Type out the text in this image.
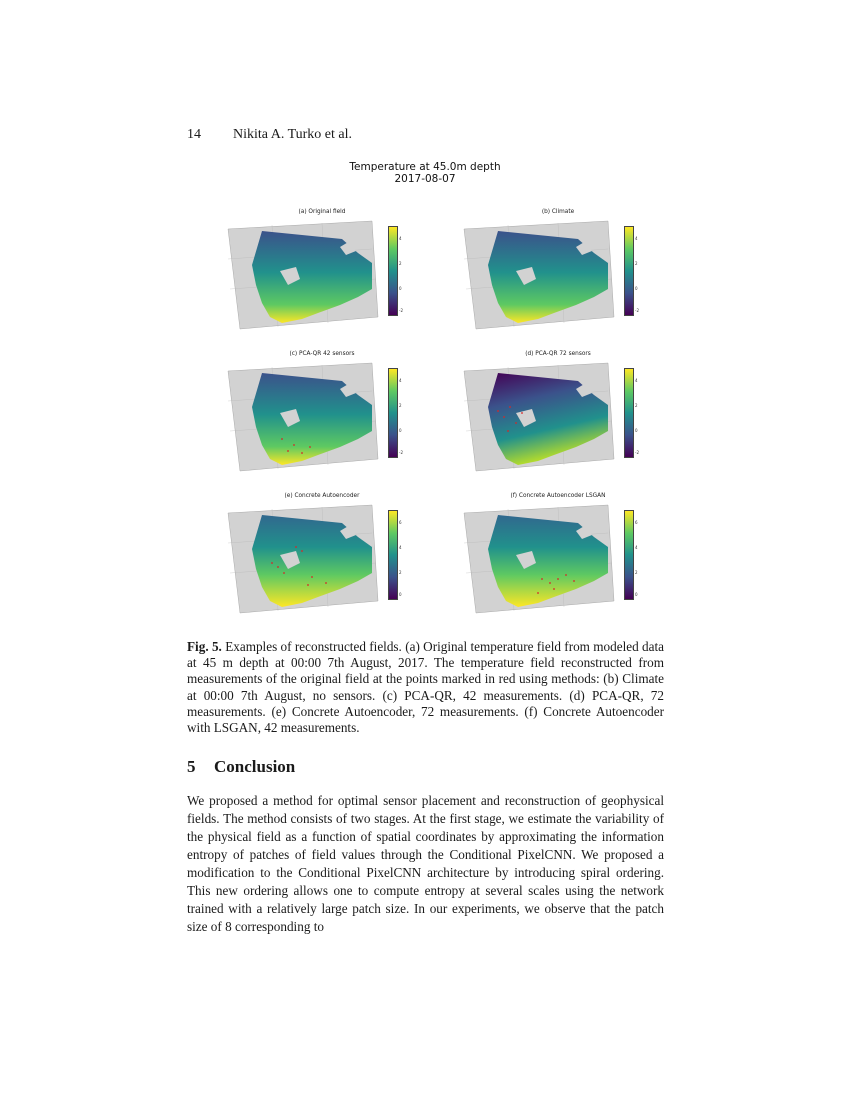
14 Nikita A. Turko et al.
Temperature at 45.0m depth
2017-08-07
(a) Original field
4
2
0
-2
(b) Climate
4
2
0
-2
(c) PCA-QR 42 sensors
4
2
0
-2
(d) PCA-QR 72 sensors
4
2
0
-2
(e) Concrete Autoencoder
6
4
2
0
(f) Concrete Autoencoder LSGAN
6
4
2
0
Fig. 5. Examples of reconstructed fields. (a) Original temperature field from modeled data at 45 m depth at 00:00 7th August, 2017. The temperature field reconstructed from measurements of the original field at the points marked in red using methods: (b) Climate at 00:00 7th August, no sensors. (c) PCA-QR, 42 measurements. (d) PCA-QR, 72 measurements. (e) Concrete Autoencoder, 72 measurements. (f) Concrete Autoencoder with LSGAN, 42 measurements.
5 Conclusion
We proposed a method for optimal sensor placement and reconstruction of geophysical fields. The method consists of two stages. At the first stage, we estimate the variability of the physical field as a function of spatial coordinates by approximating the information entropy of patches of field values through the Conditional PixelCNN. We proposed a modification to the Conditional PixelCNN architecture by introducing spiral ordering. This new ordering allows one to compute entropy at several scales using the network trained with a relatively large patch size. In our experiments, we observe that the patch size of 8 corresponding to
